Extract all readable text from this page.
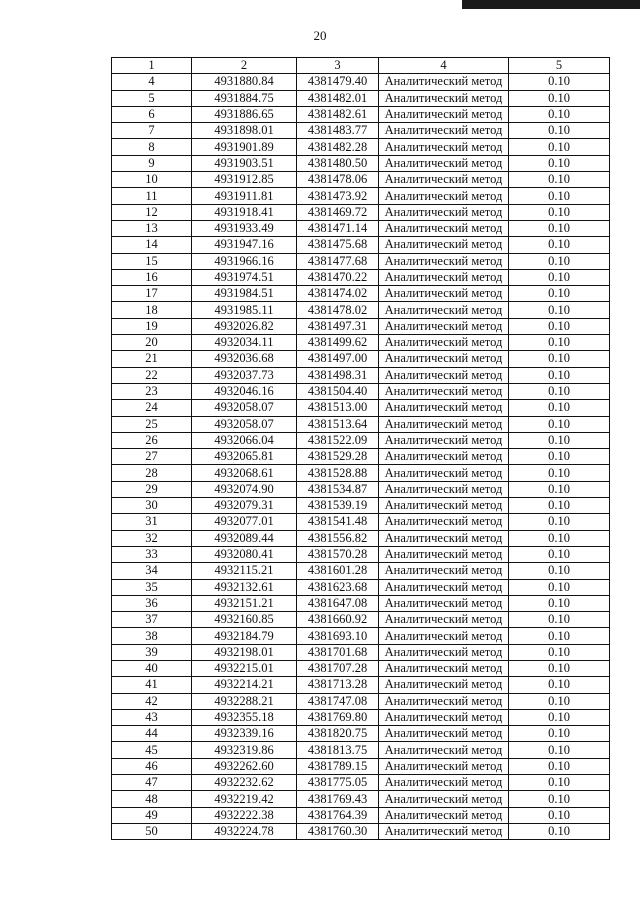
20
1	2	3	4	5
4	4931880.84	4381479.40	Аналитический метод	0.10
5	4931884.75	4381482.01	Аналитический метод	0.10
6	4931886.65	4381482.61	Аналитический метод	0.10
7	4931898.01	4381483.77	Аналитический метод	0.10
8	4931901.89	4381482.28	Аналитический метод	0.10
9	4931903.51	4381480.50	Аналитический метод	0.10
10	4931912.85	4381478.06	Аналитический метод	0.10
11	4931911.81	4381473.92	Аналитический метод	0.10
12	4931918.41	4381469.72	Аналитический метод	0.10
13	4931933.49	4381471.14	Аналитический метод	0.10
14	4931947.16	4381475.68	Аналитический метод	0.10
15	4931966.16	4381477.68	Аналитический метод	0.10
16	4931974.51	4381470.22	Аналитический метод	0.10
17	4931984.51	4381474.02	Аналитический метод	0.10
18	4931985.11	4381478.02	Аналитический метод	0.10
19	4932026.82	4381497.31	Аналитический метод	0.10
20	4932034.11	4381499.62	Аналитический метод	0.10
21	4932036.68	4381497.00	Аналитический метод	0.10
22	4932037.73	4381498.31	Аналитический метод	0.10
23	4932046.16	4381504.40	Аналитический метод	0.10
24	4932058.07	4381513.00	Аналитический метод	0.10
25	4932058.07	4381513.64	Аналитический метод	0.10
26	4932066.04	4381522.09	Аналитический метод	0.10
27	4932065.81	4381529.28	Аналитический метод	0.10
28	4932068.61	4381528.88	Аналитический метод	0.10
29	4932074.90	4381534.87	Аналитический метод	0.10
30	4932079.31	4381539.19	Аналитический метод	0.10
31	4932077.01	4381541.48	Аналитический метод	0.10
32	4932089.44	4381556.82	Аналитический метод	0.10
33	4932080.41	4381570.28	Аналитический метод	0.10
34	4932115.21	4381601.28	Аналитический метод	0.10
35	4932132.61	4381623.68	Аналитический метод	0.10
36	4932151.21	4381647.08	Аналитический метод	0.10
37	4932160.85	4381660.92	Аналитический метод	0.10
38	4932184.79	4381693.10	Аналитический метод	0.10
39	4932198.01	4381701.68	Аналитический метод	0.10
40	4932215.01	4381707.28	Аналитический метод	0.10
41	4932214.21	4381713.28	Аналитический метод	0.10
42	4932288.21	4381747.08	Аналитический метод	0.10
43	4932355.18	4381769.80	Аналитический метод	0.10
44	4932339.16	4381820.75	Аналитический метод	0.10
45	4932319.86	4381813.75	Аналитический метод	0.10
46	4932262.60	4381789.15	Аналитический метод	0.10
47	4932232.62	4381775.05	Аналитический метод	0.10
48	4932219.42	4381769.43	Аналитический метод	0.10
49	4932222.38	4381764.39	Аналитический метод	0.10
50	4932224.78	4381760.30	Аналитический метод	0.10
